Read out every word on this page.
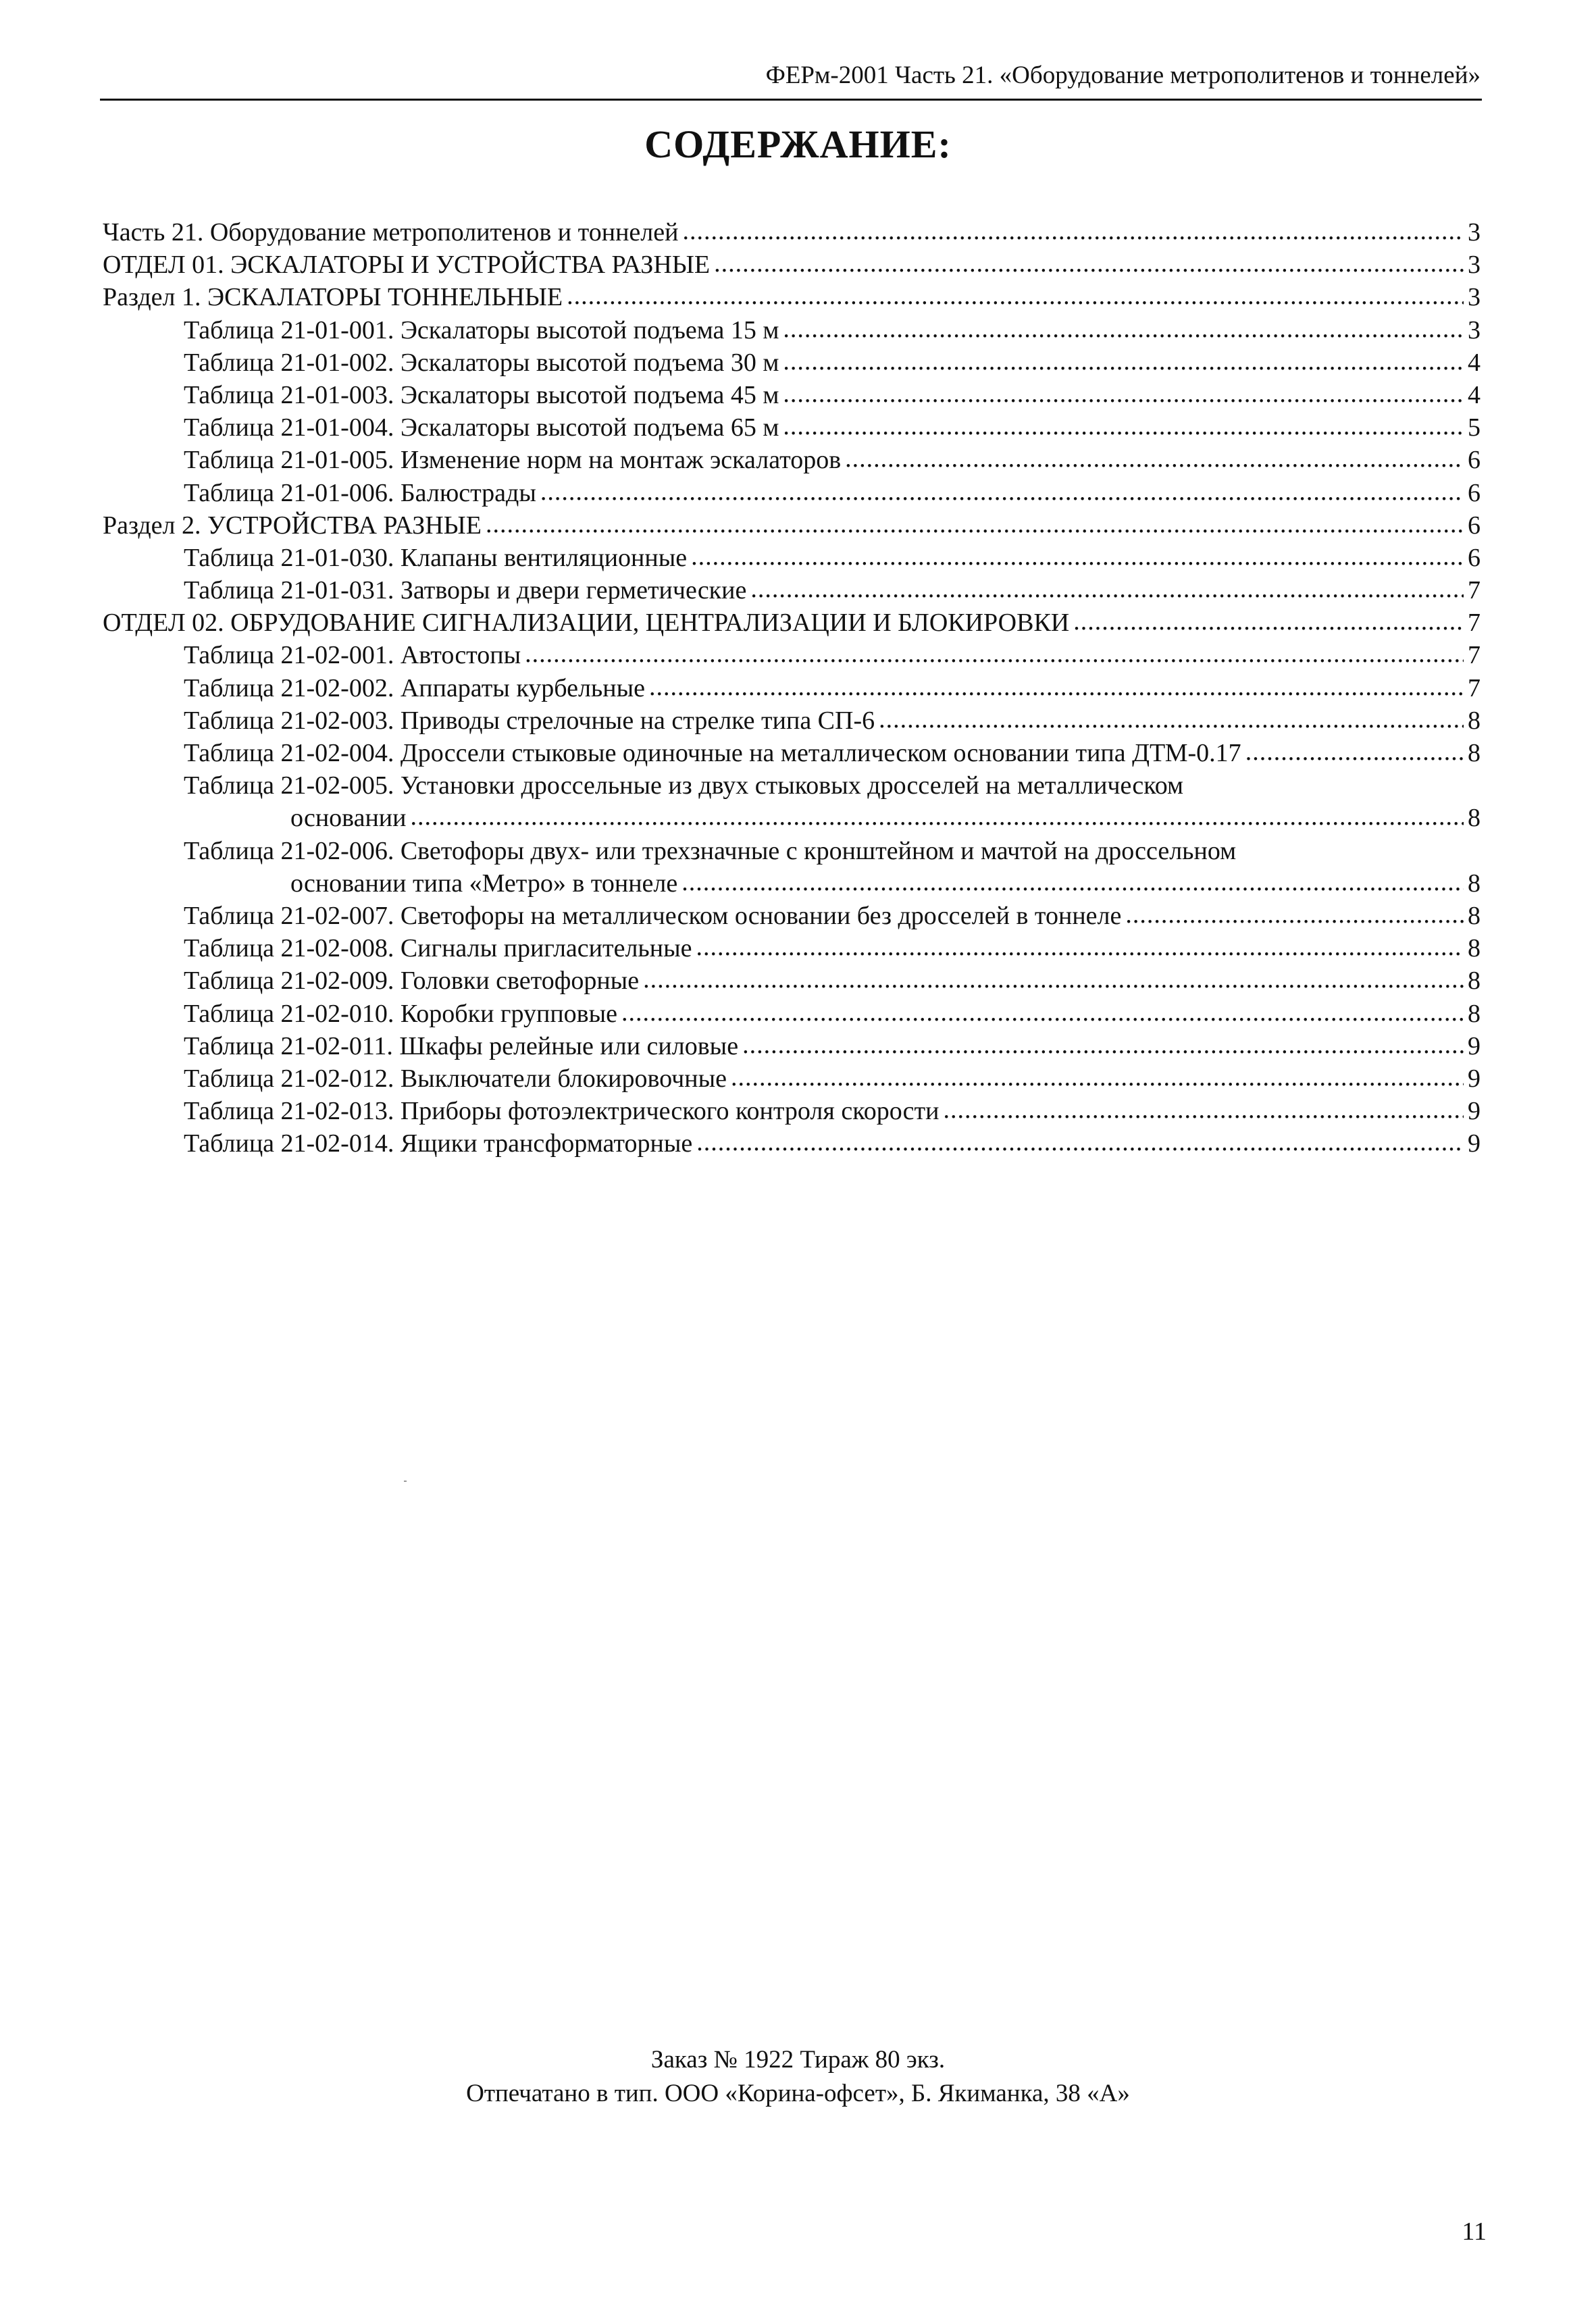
ФЕРм-2001 Часть 21. «Оборудование метрополитенов и тоннелей»
СОДЕРЖАНИЕ:
Часть 21. Оборудование метрополитенов и тоннелей .....	3
ОТДЕЛ 01. ЭСКАЛАТОРЫ И УСТРОЙСТВА РАЗНЫЕ .....	3
Раздел 1. ЭСКАЛАТОРЫ ТОННЕЛЬНЫЕ .....	3
Таблица 21-01-001. Эскалаторы высотой подъема 15 м .....	3
Таблица 21-01-002. Эскалаторы высотой подъема 30 м .....	4
Таблица 21-01-003. Эскалаторы высотой подъема 45 м .....	4
Таблица 21-01-004. Эскалаторы высотой подъема 65 м .....	5
Таблица 21-01-005. Изменение норм на монтаж эскалаторов .....	6
Таблица 21-01-006. Балюстрады .....	6
Раздел 2. УСТРОЙСТВА РАЗНЫЕ .....	6
Таблица 21-01-030. Клапаны вентиляционные .....	6
Таблица 21-01-031. Затворы и двери герметические .....	7
ОТДЕЛ 02. ОБРУДОВАНИЕ СИГНАЛИЗАЦИИ, ЦЕНТРАЛИЗАЦИИ И БЛОКИРОВКИ .....	7
Таблица 21-02-001. Автостопы .....	7
Таблица 21-02-002. Аппараты курбельные .....	7
Таблица 21-02-003. Приводы стрелочные на стрелке типа СП-6 .....	8
Таблица 21-02-004. Дроссели стыковые одиночные на металлическом основании типа ДТМ-0.17 .....	8
Таблица 21-02-005. Установки дроссельные из двух стыковых дросселей на металлическом
основании .....	8
Таблица 21-02-006. Светофоры двух- или трехзначные с кронштейном и мачтой на дроссельном
основании типа «Метро» в тоннеле .....	8
Таблица 21-02-007. Светофоры на металлическом основании без дросселей в тоннеле .....	8
Таблица 21-02-008. Сигналы пригласительные .....	8
Таблица 21-02-009. Головки светофорные .....	8
Таблица 21-02-010. Коробки групповые .....	8
Таблица 21-02-011. Шкафы релейные или силовые .....	9
Таблица 21-02-012. Выключатели блокировочные .....	9
Таблица 21-02-013. Приборы фотоэлектрического контроля скорости .....	9
Таблица 21-02-014. Ящики трансформаторные .....	9
Заказ № 1922 Тираж 80 экз.
Отпечатано в тип. ООО «Корина-офсет», Б. Якиманка, 38 «А»
11
